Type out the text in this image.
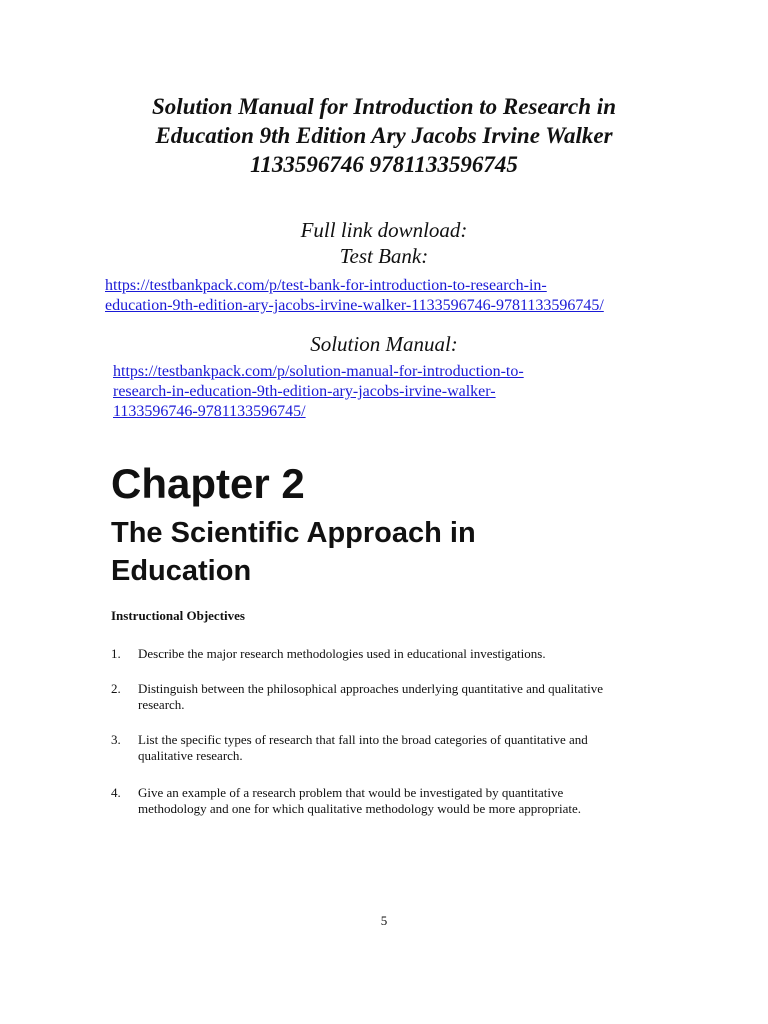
Solution Manual for Introduction to Research in
Education 9th Edition Ary Jacobs Irvine Walker
1133596746 9781133596745

Full link download:

Test Bank:

https://testbankpack.com/p/test-bank-for-introduction-to-research-in-
education-9th-edition-ary-jacobs-irvine-walker-1133596746-9781133596745/

Solution Manual:

https://testbankpack.com/p/solution-manual-for-introduction-to-
research-in-education-9th-edition-ary-jacobs-irvine-walker-
1133596746-9781133596745/
Chapter 2
The Scientific Approach in
Education

Instructional Objectives

1.	Describe the major research methodologies used in educational investigations.
2.	Distinguish between the philosophical approaches underlying quantitative and qualitative
research.
3.	List the specific types of research that fall into the broad categories of quantitative and
qualitative research.
4.	Give an example of a research problem that would be investigated by quantitative
methodology and one for which qualitative methodology would be more appropriate.

5
